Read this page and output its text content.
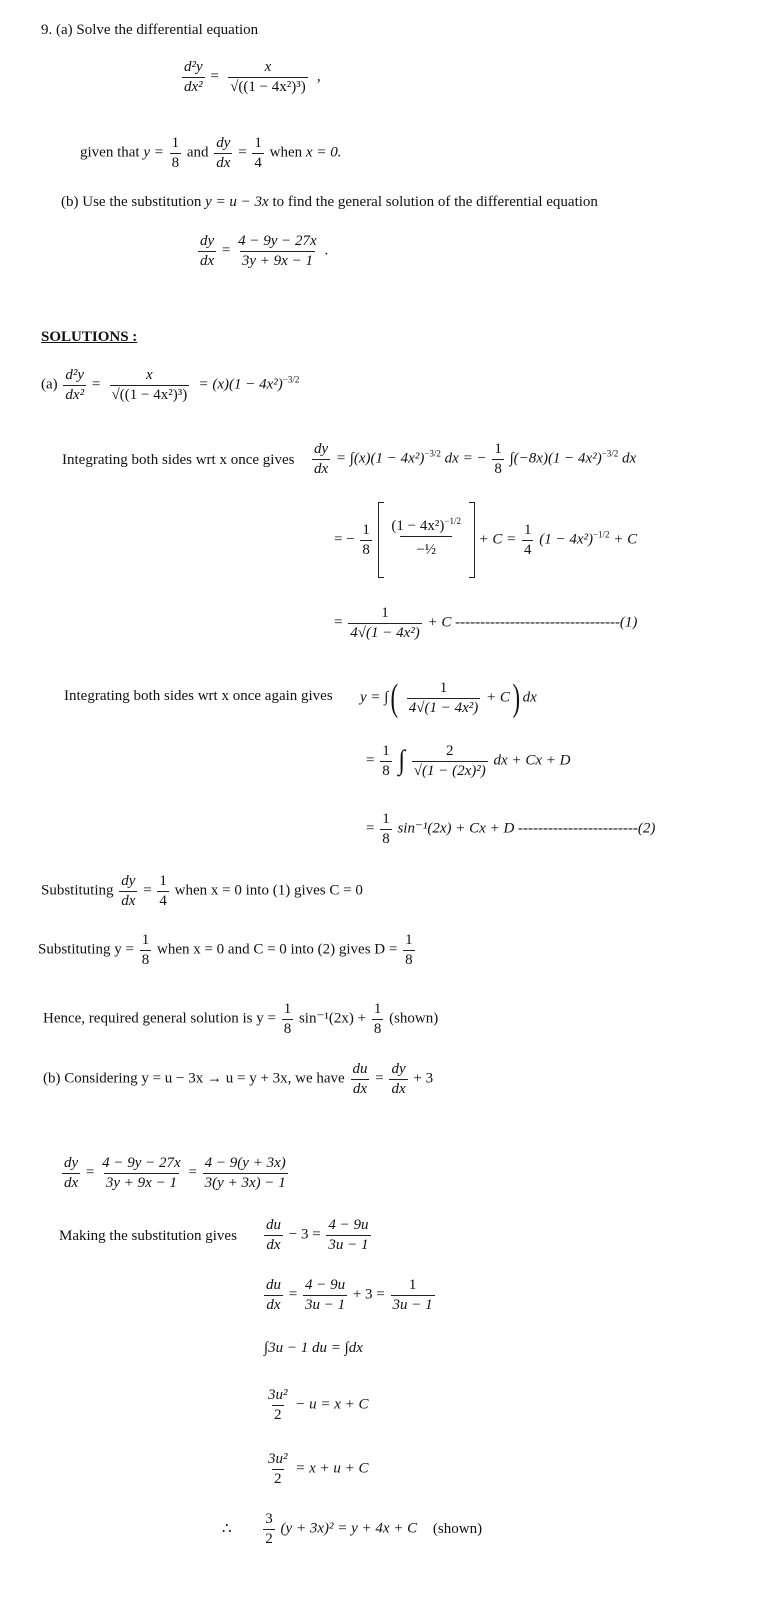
9. (a) Solve the differential equation
$\frac{\text{d²y}}{\text{dx²}} = \frac{x}{\text{√((1 − 4x²)³)}}$ ,
given that $y = \frac{1}{8}$ and $\frac{dy}{dx} = \frac{1}{4}$ when x = 0.
(b) Use the substitution y = u − 3x to find the general solution of the differential equation
$\frac{dy}{dx} = \frac{4 - 9y - 27x}{3y + 9x - 1}$ .
SOLUTIONS :
$(a) \frac{\text{d²y}}{\text{dx²}} = \frac{x}{\text{√((1 − 4x²)³)}} = (x)(1 - 4x^2)^{-3/2}$
Integrating both sides wrt x once gives $\frac{dy}{dx} = \int(x)(1 - 4x^2)^{-3/2}$ dx = − $\frac{1}{8} \int(-8x)(1 - 4x^2)^{-3/2}$ dx
= − $\frac{1}{8}$
$\frac{(1 - 4x^2)^{-1/2}}{\text{−½}} + C = \frac{1}{4} (1 - 4x^2)^{-1/2} + C$
= $\frac{1}{\text{4√(1 − 4x²)}} + C$ ---------------------------------(1)
Integrating both sides wrt x once again gives y = ∫( $\frac{1}{\text{4√(1 − 4x²)}} + C$) dx
= $\frac{1}{8}$ ∫ $\frac{2}{\text{√(1 − (2x)²)}}$ dx + Cx + D
= $\frac{1}{8} \sin^{-1}(2x) + Cx + D$ ------------------------(2)
Substituting $\frac{dy}{dx} = \frac{1}{4}$ when x = 0 into (1) gives C = 0
Substituting $y = \frac{1}{8}$ when x = 0 and C = 0 into (2) gives $D = \frac{1}{8}$
Hence, required general solution is $y = \frac{1}{8} \sin^{-1}(2x) + \frac{1}{8}$ (shown)
(b) Considering y = u − 3x → u = y + 3x, we have $\frac{du}{dx} = \frac{dy}{dx} + 3$
$\frac{dy}{dx} = \frac{4 - 9y - 27x}{3y + 9x - 1} = \frac{4 - 9(y + 3x)}{3(y + 3x) - 1}$
Making the substitution gives $\frac{du}{dx} - 3 = \frac{4 - 9u}{3u - 1}$
$\frac{du}{dx} = \frac{4 - 9u}{3u - 1} + 3 = \frac{1}{3u - 1}$
∫3u − 1 du = ∫dx
$\frac{\text{3u²}}{2} - u = x + C$
$\frac{\text{3u²}}{2} = x + u + C$
∴ $\frac{3}{2} (y + 3x)^2 = y + 4x + C$ (shown)
